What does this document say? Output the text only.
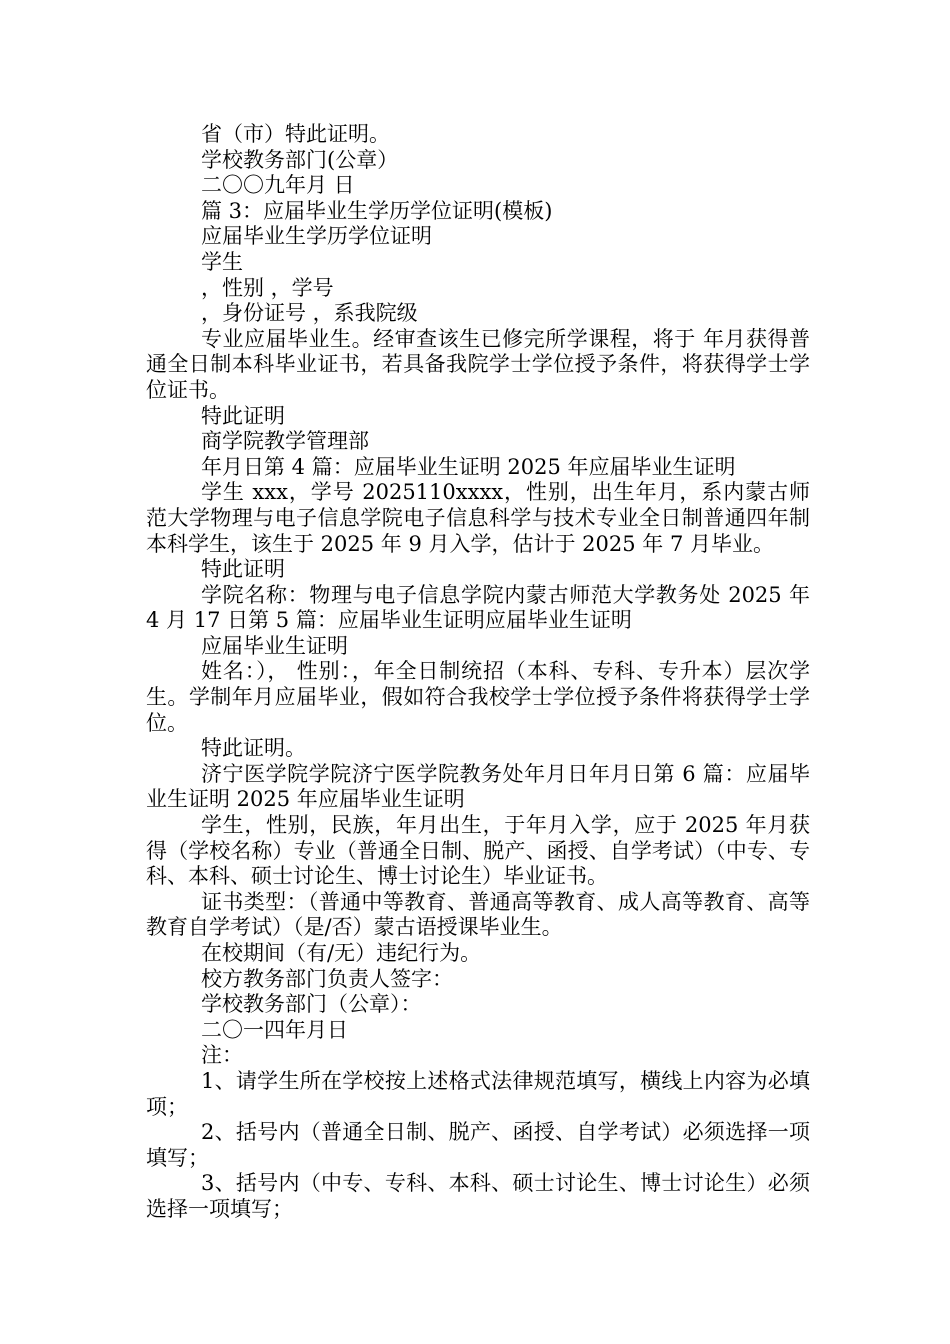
省（市）特此证明。

学校教务部门(公章）

二〇〇九年月 日

篇 3：应届毕业生学历学位证明(模板)

应届毕业生学历学位证明

学生

，性别 ，学号

，身份证号 ，系我院级

专业应届毕业生。经审查该生已修完所学课程，将于 年月获得普通全日制本科毕业证书，若具备我院学士学位授予条件，将获得学士学位证书。

特此证明

商学院教学管理部

年月日第 4 篇：应届毕业生证明 2025 年应届毕业生证明

学生 xxx，学号 2025110xxxx，性别，出生年月，系内蒙古师范大学物理与电子信息学院电子信息科学与技术专业全日制普通四年制本科学生，该生于 2025 年 9 月入学，估计于 2025 年 7 月毕业。

特此证明

学院名称：物理与电子信息学院内蒙古师范大学教务处 2025 年 4 月 17 日第 5 篇：应届毕业生证明应届毕业生证明

应届毕业生证明

姓名：）， 性别：，年全日制统招（本科、专科、专升本）层次学生。学制年月应届毕业，假如符合我校学士学位授予条件将获得学士学位。

特此证明。

济宁医学院学院济宁医学院教务处年月日年月日第 6 篇：应届毕业生证明 2025 年应届毕业生证明

学生，性别，民族，年月出生，于年月入学，应于 2025 年月获得（学校名称）专业（普通全日制、脱产、函授、自学考试）（中专、专科、本科、硕士讨论生、博士讨论生）毕业证书。

证书类型：（普通中等教育、普通高等教育、成人高等教育、高等教育自学考试）（是/否）蒙古语授课毕业生。

在校期间（有/无）违纪行为。

校方教务部门负责人签字：

学校教务部门（公章）：

二〇一四年月日

注：

1、请学生所在学校按上述格式法律规范填写，横线上内容为必填项；

2、括号内（普通全日制、脱产、函授、自学考试）必须选择一项填写；

3、括号内（中专、专科、本科、硕士讨论生、博士讨论生）必须选择一项填写；
